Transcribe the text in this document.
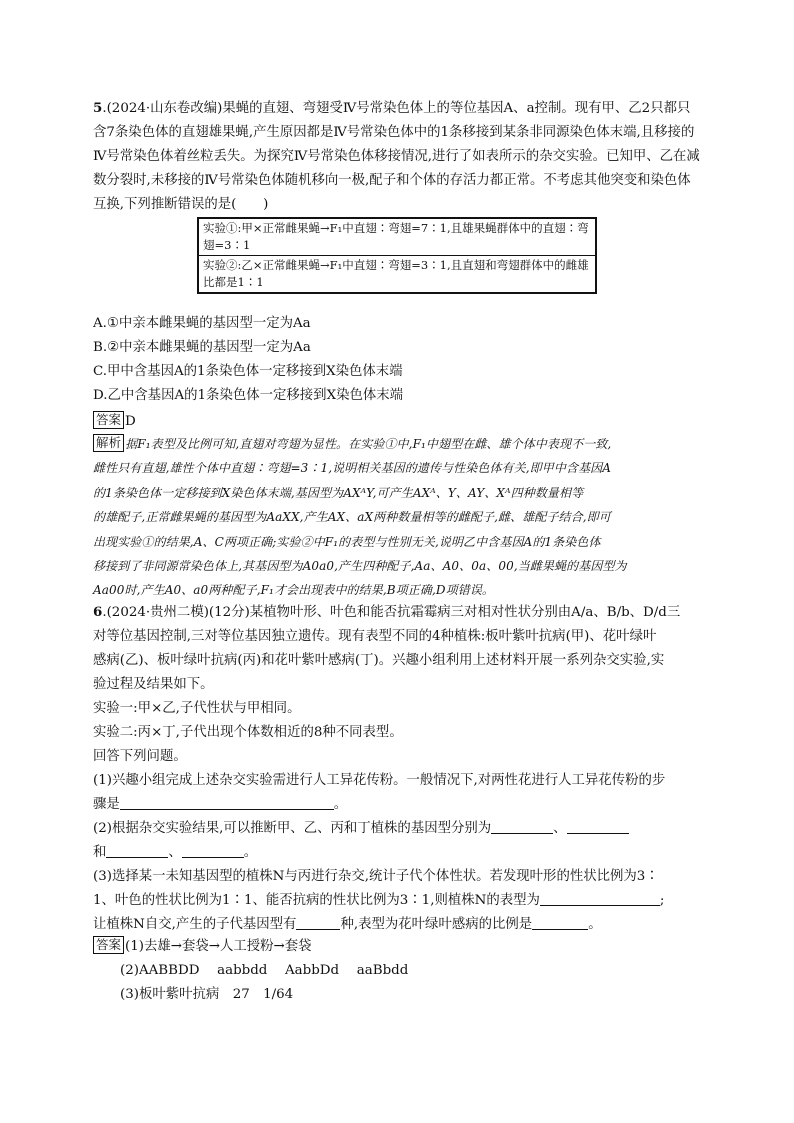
5.(2024·山东卷改编)果蝇的直翅、弯翅受Ⅳ号常染色体上的等位基因A、a控制。现有甲、乙2只都只含7条染色体的直翅雄果蝇,产生原因都是Ⅳ号常染色体中的1条移接到某条非同源染色体末端,且移接的Ⅳ号常染色体着丝粒丢失。为探究Ⅳ号常染色体移接情况,进行了如表所示的杂交实验。已知甲、乙在减数分裂时,未移接的Ⅳ号常染色体随机移向一极,配子和个体的存活力都正常。不考虑其他突变和染色体互换,下列推断错误的是(　　)
实验①:甲×正常雌果蝇→F₁中直翅∶弯翅=7∶1,且雄果蝇群体中的直翅∶弯翅=3∶1
实验②:乙×正常雌果蝇→F₁中直翅∶弯翅=3∶1,且直翅和弯翅群体中的雌雄比都是1∶1
A.①中亲本雌果蝇的基因型一定为Aa
B.②中亲本雌果蝇的基因型一定为Aa
C.甲中含基因A的1条染色体一定移接到X染色体末端
D.乙中含基因A的1条染色体一定移接到X染色体末端
答案 D
解析 据F₁表型及比例可知,直翅对弯翅为显性。在实验①中,F₁中翅型在雌、雄个体中表现不一致,
雌性只有直翅,雄性个体中直翅∶弯翅=3∶1,说明相关基因的遗传与性染色体有关,即甲中含基因A
的1条染色体一定移接到X染色体末端,基因型为AXᴬY,可产生AXᴬ、Y、AY、Xᴬ四种数量相等
的雄配子,正常雌果蝇的基因型为AaXX,产生AX、aX两种数量相等的雌配子,雌、雄配子结合,即可
出现实验①的结果,A、C两项正确;实验②中F₁的表型与性别无关,说明乙中含基因A的1条染色体
移接到了非同源常染色体上,其基因型为A0a0,产生四种配子,Aa、A0、0a、00,当雌果蝇的基因型为
Aa00时,产生A0、a0两种配子,F₁才会出现表中的结果,B项正确,D项错误。
6.(2024·贵州二模)(12分)某植物叶形、叶色和能否抗霜霉病三对相对性状分别由A/a、B/b、D/d三
对等位基因控制,三对等位基因独立遗传。现有表型不同的4种植株:板叶紫叶抗病(甲)、花叶绿叶
感病(乙)、板叶绿叶抗病(丙)和花叶紫叶感病(丁)。兴趣小组利用上述材料开展一系列杂交实验,实
验过程及结果如下。
实验一:甲×乙,子代性状与甲相同。
实验二:丙×丁,子代出现个体数相近的8种不同表型。
回答下列问题。
(1)兴趣小组完成上述杂交实验需进行人工异花传粉。一般情况下,对两性花进行人工异花传粉的步
骤是	。
(2)根据杂交实验结果,可以推断甲、乙、丙和丁植株的基因型分别为	、
和	、	。
(3)选择某一未知基因型的植株N与丙进行杂交,统计子代个体性状。若发现叶形的性状比例为3∶
1、叶色的性状比例为1∶1、能否抗病的性状比例为3∶1,则植株N的表型为	;
让植株N自交,产生的子代基因型有	种,表型为花叶绿叶感病的比例是	。
答案 (1)去雄→套袋→人工授粉→套袋
(2)AABBDD　 aabbdd　 AabbDd　 aaBbdd
(3)板叶紫叶抗病　27　1/64
